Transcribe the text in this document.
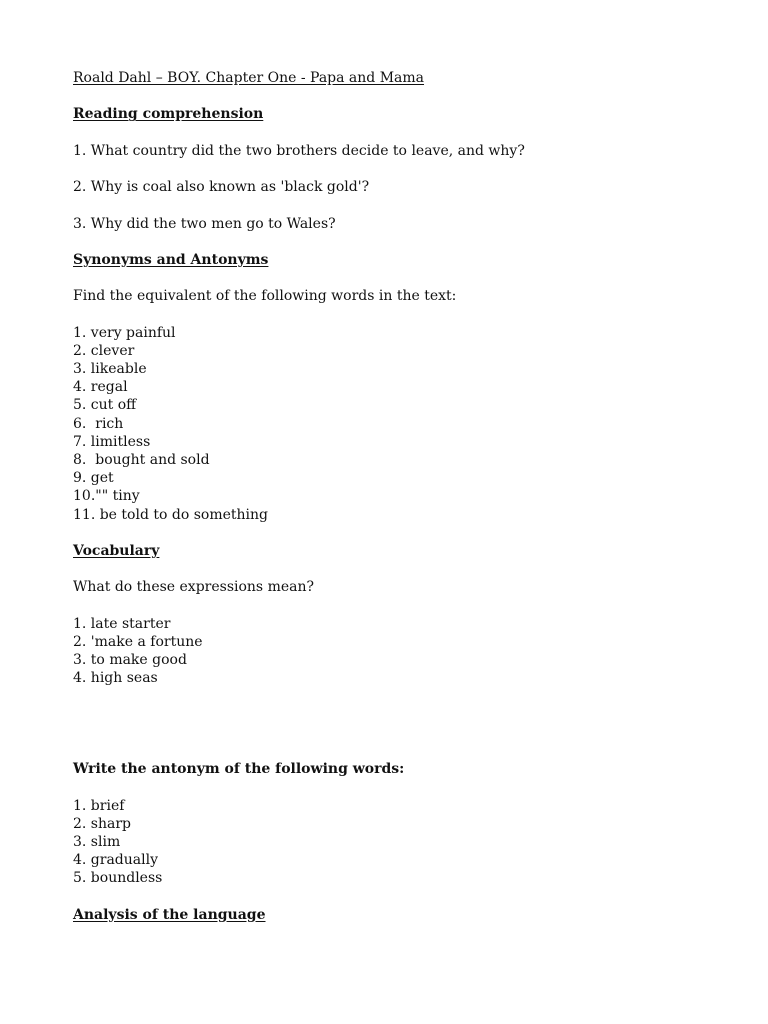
Roald Dahl – BOY. Chapter One - Papa and Mama
Reading comprehension
1. What country did the two brothers decide to leave, and why?
2. Why is coal also known as 'black gold'?
3. Why did the two men go to Wales?
Synonyms and Antonyms
Find the equivalent of the following words in the text:
1. very painful
2. clever
3. likeable
4. regal
5. cut off
6.  rich
7. limitless
8.  bought and sold
9. get
10."" tiny
11. be told to do something
Vocabulary
What do these expressions mean?
1. late starter
2. 'make a fortune
3. to make good
4. high seas
Write the antonym of the following words:
1. brief
2. sharp
3. slim
4. gradually
5. boundless
Analysis of the language
